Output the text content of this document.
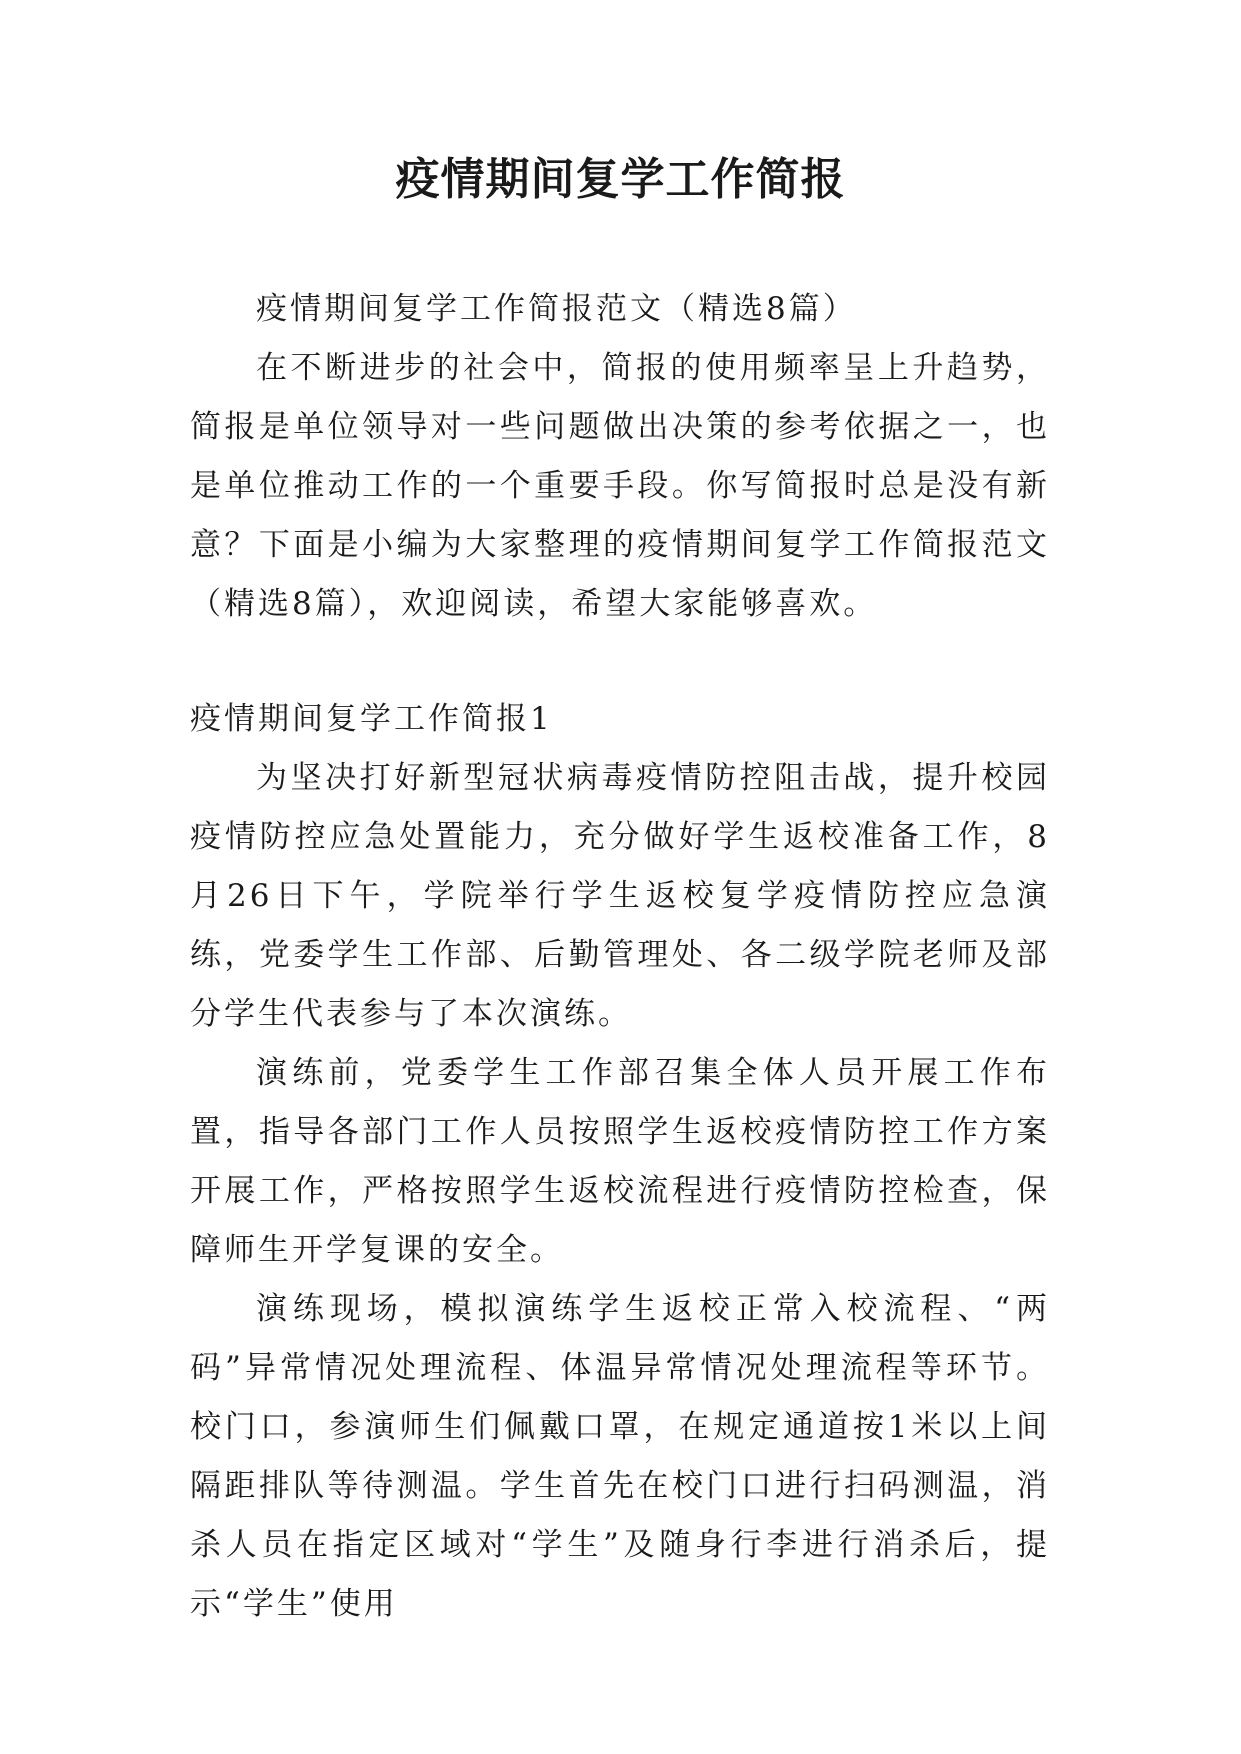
疫情期间复学工作简报

疫情期间复学工作简报范文（精选8篇）

在不断进步的社会中，简报的使用频率呈上升趋势，简报是单位领导对一些问题做出决策的参考依据之一，也是单位推动工作的一个重要手段。你写简报时总是没有新意？下面是小编为大家整理的疫情期间复学工作简报范文（精选8篇），欢迎阅读，希望大家能够喜欢。

疫情期间复学工作简报1

为坚决打好新型冠状病毒疫情防控阻击战，提升校园疫情防控应急处置能力，充分做好学生返校准备工作，8月26日下午，学院举行学生返校复学疫情防控应急演练，党委学生工作部、后勤管理处、各二级学院老师及部分学生代表参与了本次演练。

演练前，党委学生工作部召集全体人员开展工作布置，指导各部门工作人员按照学生返校疫情防控工作方案开展工作，严格按照学生返校流程进行疫情防控检查，保障师生开学复课的安全。

演练现场，模拟演练学生返校正常入校流程、“两码”异常情况处理流程、体温异常情况处理流程等环节。校门口，参演师生们佩戴口罩，在规定通道按1米以上间隔距排队等待测温。学生首先在校门口进行扫码测温，消杀人员在指定区域对“学生”及随身行李进行消杀后，提示“学生”使用
